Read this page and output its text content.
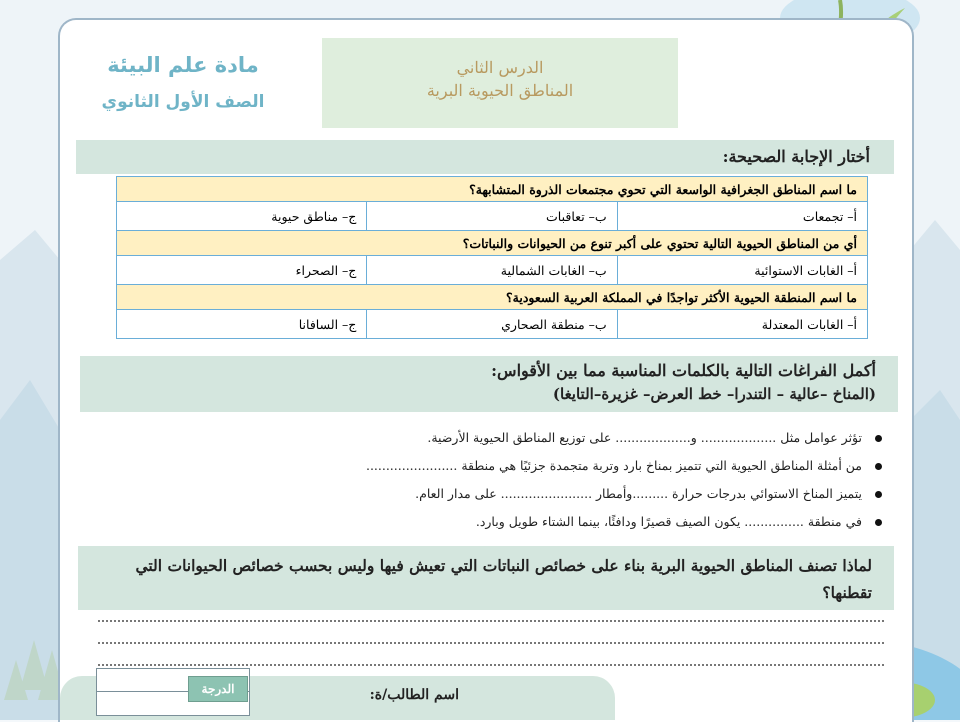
مادة علم البيئة
الصف الأول الثانوي
الدرس الثاني
المناطق الحيوية البرية
أختار الإجابة الصحيحة:
ما اسم المناطق الجغرافية الواسعة التي تحوي مجتمعات الذروة المتشابهة؟		
أ– تجمعات	ب– تعاقبات	ج– مناطق حيوية
أي من المناطق الحيوية التالية تحتوي على أكبر تنوع من الحيوانات والنباتات؟		
أ– الغابات الاستوائية	ب– الغابات الشمالية	ج– الصحراء
ما اسم المنطقة الحيوية الأكثر تواجدًا في المملكة العربية السعودية؟		
أ– الغابات المعتدلة	ب– منطقة الصحاري	ج– السافانا
أكمل الفراغات التالية بالكلمات المناسبة مما بين الأقواس:
(المناخ –عالية – التندرا– خط العرض– غزيرة–التايغا)
تؤثر عوامل مثل ................... و................... على توزيع المناطق الحيوية الأرضية.
من أمثلة المناطق الحيوية التي تتميز بمناخ بارد وتربة متجمدة جزئيًا هي منطقة .......................
يتميز المناخ الاستوائي بدرجات حرارة .........وأمطار ....................... على مدار العام.
في منطقة ............... يكون الصيف قصيرًا ودافئًا، بينما الشتاء طويل وبارد.
لماذا تصنف المناطق الحيوية البرية بناء على خصائص النباتات التي تعيش فيها وليس بحسب خصائص الحيوانات التي تقطنها؟
اسم الطالب/ة:
الدرجة
